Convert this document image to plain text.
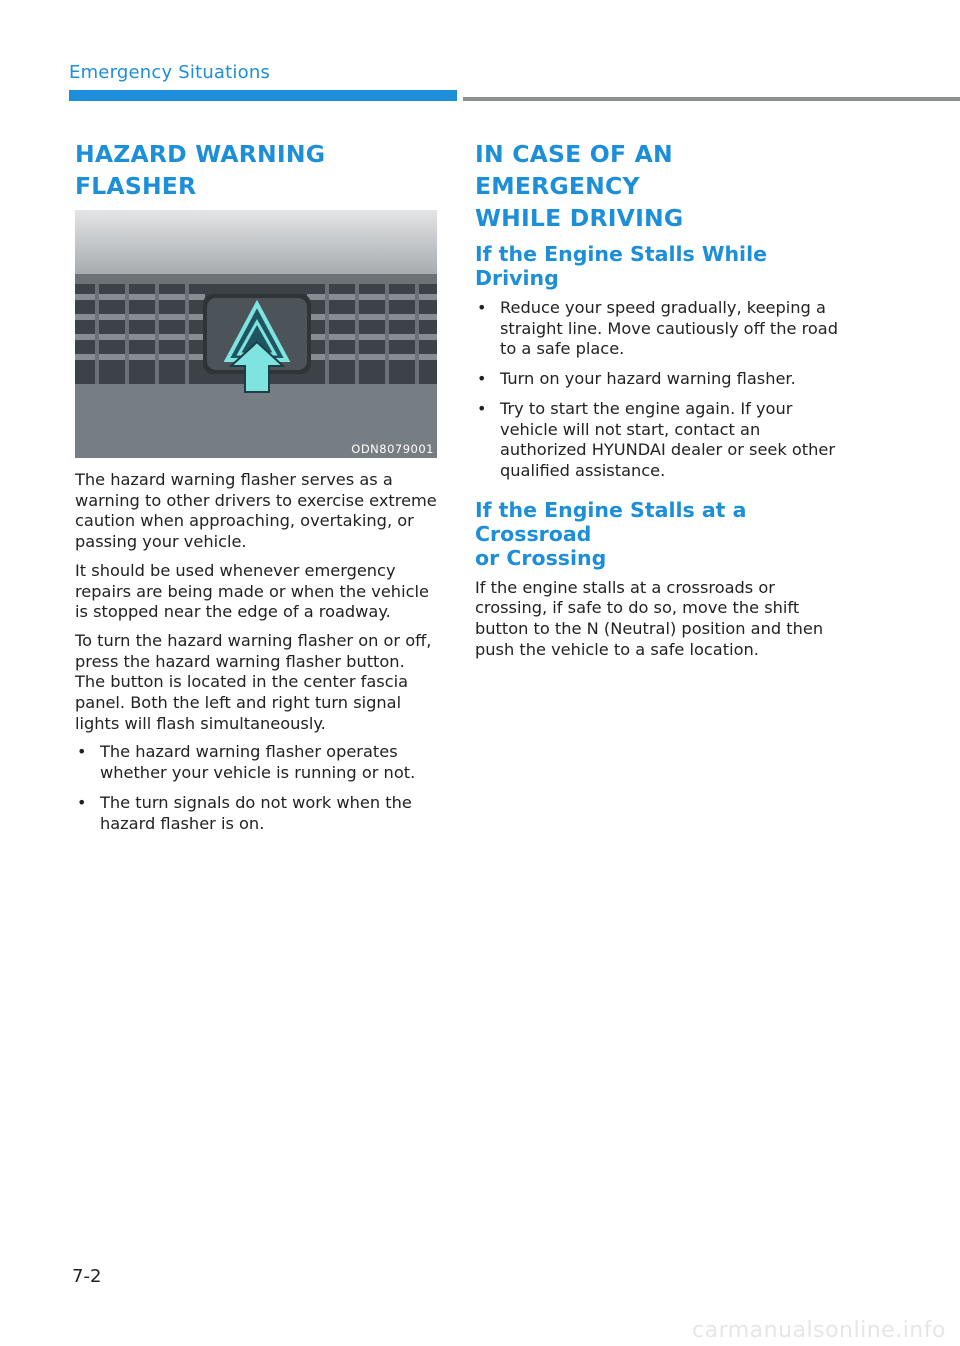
Emergency Situations
HAZARD WARNING FLASHER
ODN8079001

The hazard warning flasher serves as a warning to other drivers to exercise extreme caution when approaching, overtaking, or passing your vehicle.

It should be used whenever emergency repairs are being made or when the vehicle is stopped near the edge of a roadway.

To turn the hazard warning flasher on or off, press the hazard warning flasher button. The button is located in the center fascia panel. Both the left and right turn signal lights will flash simultaneously.

• The hazard warning flasher operates whether your vehicle is running or not.
• The turn signals do not work when the hazard flasher is on.
IN CASE OF AN EMERGENCY
WHILE DRIVING
If the Engine Stalls While Driving
• Reduce your speed gradually, keeping a straight line. Move cautiously off the road to a safe place.
• Turn on your hazard warning flasher.
• Try to start the engine again. If your vehicle will not start, contact an authorized HYUNDAI dealer or seek other qualified assistance.
If the Engine Stalls at a Crossroad
or Crossing

If the engine stalls at a crossroads or crossing, if safe to do so, move the shift button to the N (Neutral) position and then push the vehicle to a safe location.

7-2
carmanualsonline.info
